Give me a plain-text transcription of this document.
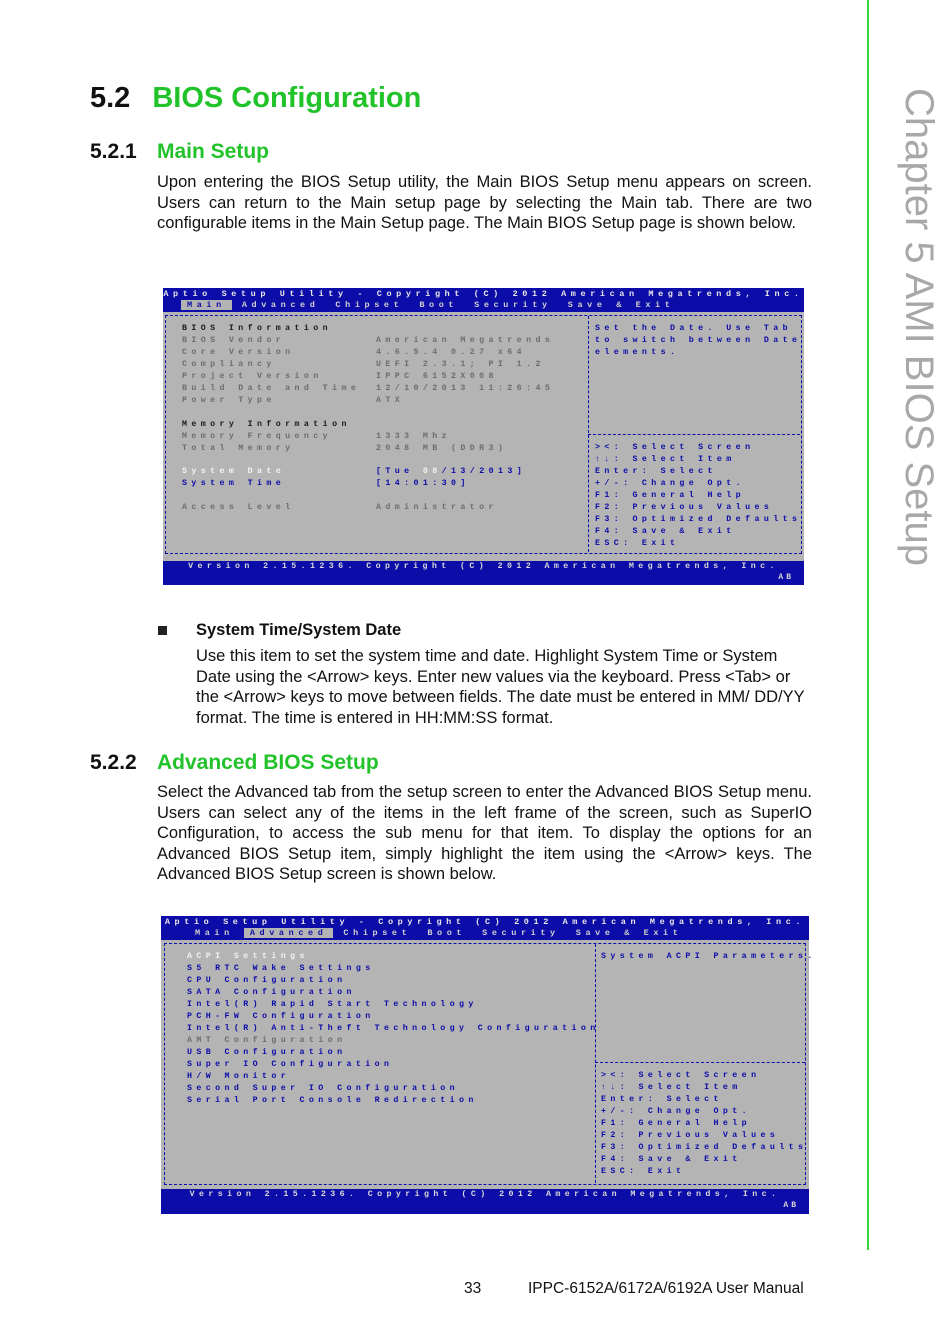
Chapter 5 AMI BIOS Setup
5.2 BIOS Configuration
5.2.1 Main Setup

Upon entering the BIOS Setup utility, the Main BIOS Setup menu appears on screen. Users can return to the Main setup page by selecting the Main tab. There are two configurable items in the Main Setup page. The Main BIOS Setup page is shown below.

Aptio Setup Utility - Copyright (C) 2012 American Megatrends, Inc.
Main Advanced Chipset Boot Security Save & Exit
BIOS Information
BIOS Vendor	American Megatrends
Core Version	4.6.5.4 0.27 x64
Compliancy	UEFI 2.3.1; PI 1.2
Project Version	IPPC 6152X008
Build Date and Time 12/10/2013 11:26:45
Power Type	ATX
Memory Information
Memory Frequency	1333 Mhz
Total Memory	2048 MB (DDR3)
System Date	[Tue 08/13/2013]
System Time	[14:01:30]
Access Level	Administrator
Set the Date. Use Tab
to switch between Date
elements.
><: Select Screen
↑↓: Select Item
Enter: Select
+/-: Change Opt.
F1: General Help
F2: Previous Values
F3: Optimized Defaults
F4: Save & Exit
ESC: Exit
Version 2.15.1236. Copyright (C) 2012 American Megatrends, Inc.
AB
System Time/System Date

Use this item to set the system time and date. Highlight System Time or System Date using the <Arrow> keys. Enter new values via the keyboard. Press <Tab> or the <Arrow> keys to move between fields. The date must be entered in MM/ DD/YY format. The time is entered in HH:MM:SS format.

5.2.2 Advanced BIOS Setup

Select the Advanced tab from the setup screen to enter the Advanced BIOS Setup menu. Users can select any of the items in the left frame of the screen, such as SuperIO Configuration, to access the sub menu for that item. To display the options for an Advanced BIOS Setup item, simply highlight the item using the <Arrow> keys. The Advanced BIOS Setup screen is shown below.

Aptio Setup Utility - Copyright (C) 2012 American Megatrends, Inc.
Main Advanced Chipset Boot Security Save & Exit
ACPI Settings
S5 RTC Wake Settings
CPU Configuration
SATA Configuration
Intel(R) Rapid Start Technology
PCH-FW Configuration
Intel(R) Anti-Theft Technology Configuration
AMT Configuration
USB Configuration
Super IO Configuration
H/W Monitor
Second Super IO Configuration
Serial Port Console Redirection
System ACPI Parameters.
><: Select Screen
↑↓: Select Item
Enter: Select
+/-: Change Opt.
F1: General Help
F2: Previous Values
F3: Optimized Defaults
F4: Save & Exit
ESC: Exit
Version 2.15.1236. Copyright (C) 2012 American Megatrends, Inc.
AB
33	IPPC-6152A/6172A/6192A User Manual
